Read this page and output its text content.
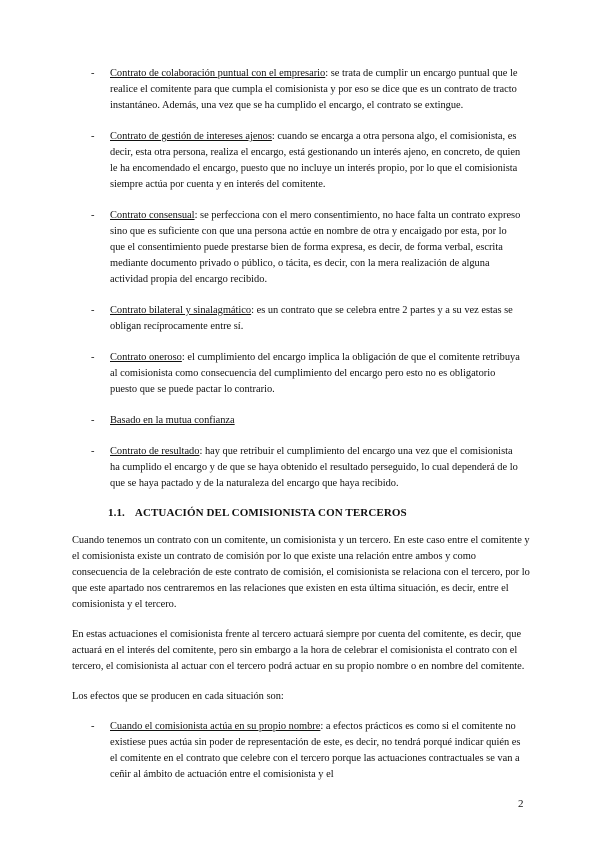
- Contrato de colaboración puntual con el empresario: se trata de cumplir un encargo puntual que le realice el comitente para que cumpla el comisionista y por eso se dice que es un contrato de tracto instantáneo. Además, una vez que se ha cumplido el encargo, el contrato se extingue.
- Contrato de gestión de intereses ajenos: cuando se encarga a otra persona algo, el comisionista, es decir, esta otra persona, realiza el encargo, está gestionando un interés ajeno, en concreto, de quien le ha encomendado el encargo, puesto que no incluye un interés propio, por lo que el comisionista siempre actúa por cuenta y en interés del comitente.
- Contrato consensual: se perfecciona con el mero consentimiento, no hace falta un contrato expreso sino que es suficiente con que una persona actúe en nombre de otra y encaigado por esta, por lo que el consentimiento puede prestarse bien de forma expresa, es decir, de forma verbal, escrita mediante documento privado o público, o tácita, es decir, con la mera realización de alguna actividad propia del encargo recibido.
- Contrato bilateral y sinalagmático: es un contrato que se celebra entre 2 partes y a su vez estas se obligan recíprocamente entre sí.
- Contrato oneroso: el cumplimiento del encargo implica la obligación de que el comitente retribuya al comisionista como consecuencia del cumplimiento del encargo pero esto no es obligatorio puesto que se puede pactar lo contrario.
- Basado en la mutua confianza
- Contrato de resultado: hay que retribuir el cumplimiento del encargo una vez que el comisionista ha cumplido el encargo y de que se haya obtenido el resultado perseguido, lo cual dependerá de lo que se haya pactado y de la naturaleza del encargo que haya recibido.
1.1. ACTUACIÓN DEL COMISIONISTA CON TERCEROS

Cuando tenemos un contrato con un comitente, un comisionista y un tercero. En este caso entre el comitente y el comisionista existe un contrato de comisión por lo que existe una relación entre ambos y como consecuencia de la celebración de este contrato de comisión, el comisionista se relaciona con el tercero, por lo que este apartado nos centraremos en las relaciones que existen en esta última situación, es decir, entre el comisionista y el tercero.

En estas actuaciones el comisionista frente al tercero actuará siempre por cuenta del comitente, es decir, que actuará en el interés del comitente, pero sin embargo a la hora de celebrar el comisionista el contrato con el tercero, el comisionista al actuar con el tercero podrá actuar en su propio nombre o en nombre del comitente.

Los efectos que se producen en cada situación son:

- Cuando el comisionista actúa en su propio nombre: a efectos prácticos es como si el comitente no existiese pues actúa sin poder de representación de este, es decir, no tendrá porqué indicar quién es el comitente en el contrato que celebre con el tercero porque las actuaciones contractuales se van a ceñir al ámbito de actuación entre el comisionista y el
2
